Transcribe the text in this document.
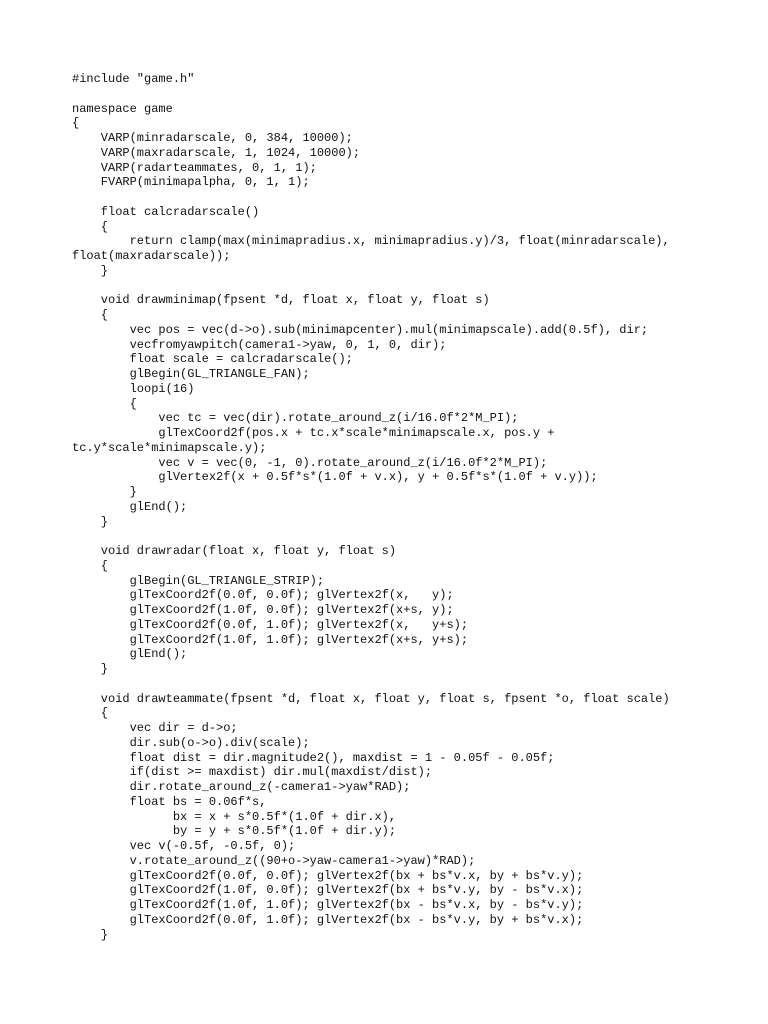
#include "game.h"
namespace game
{
VARP(minradarscale, 0, 384, 10000);
VARP(maxradarscale, 1, 1024, 10000);
VARP(radarteammates, 0, 1, 1);
FVARP(minimapalpha, 0, 1, 1);
float calcradarscale()
{
return clamp(max(minimapradius.x, minimapradius.y)/3, float(minradarscale),
float(maxradarscale));
}
void drawminimap(fpsent *d, float x, float y, float s)
{
vec pos = vec(d->o).sub(minimapcenter).mul(minimapscale).add(0.5f), dir;
vecfromyawpitch(camera1->yaw, 0, 1, 0, dir);
float scale = calcradarscale();
glBegin(GL_TRIANGLE_FAN);
loopi(16)
{
vec tc = vec(dir).rotate_around_z(i/16.0f*2*M_PI);
glTexCoord2f(pos.x + tc.x*scale*minimapscale.x, pos.y +
tc.y*scale*minimapscale.y);
vec v = vec(0, -1, 0).rotate_around_z(i/16.0f*2*M_PI);
glVertex2f(x + 0.5f*s*(1.0f + v.x), y + 0.5f*s*(1.0f + v.y));
}
glEnd();
}
void drawradar(float x, float y, float s)
{
glBegin(GL_TRIANGLE_STRIP);
glTexCoord2f(0.0f, 0.0f); glVertex2f(x,   y);
glTexCoord2f(1.0f, 0.0f); glVertex2f(x+s, y);
glTexCoord2f(0.0f, 1.0f); glVertex2f(x,   y+s);
glTexCoord2f(1.0f, 1.0f); glVertex2f(x+s, y+s);
glEnd();
}
void drawteammate(fpsent *d, float x, float y, float s, fpsent *o, float scale)
{
vec dir = d->o;
dir.sub(o->o).div(scale);
float dist = dir.magnitude2(), maxdist = 1 - 0.05f - 0.05f;
if(dist >= maxdist) dir.mul(maxdist/dist);
dir.rotate_around_z(-camera1->yaw*RAD);
float bs = 0.06f*s,
bx = x + s*0.5f*(1.0f + dir.x),
by = y + s*0.5f*(1.0f + dir.y);
vec v(-0.5f, -0.5f, 0);
v.rotate_around_z((90+o->yaw-camera1->yaw)*RAD);
glTexCoord2f(0.0f, 0.0f); glVertex2f(bx + bs*v.x, by + bs*v.y);
glTexCoord2f(1.0f, 0.0f); glVertex2f(bx + bs*v.y, by - bs*v.x);
glTexCoord2f(1.0f, 1.0f); glVertex2f(bx - bs*v.x, by - bs*v.y);
glTexCoord2f(0.0f, 1.0f); glVertex2f(bx - bs*v.y, by + bs*v.x);
}
